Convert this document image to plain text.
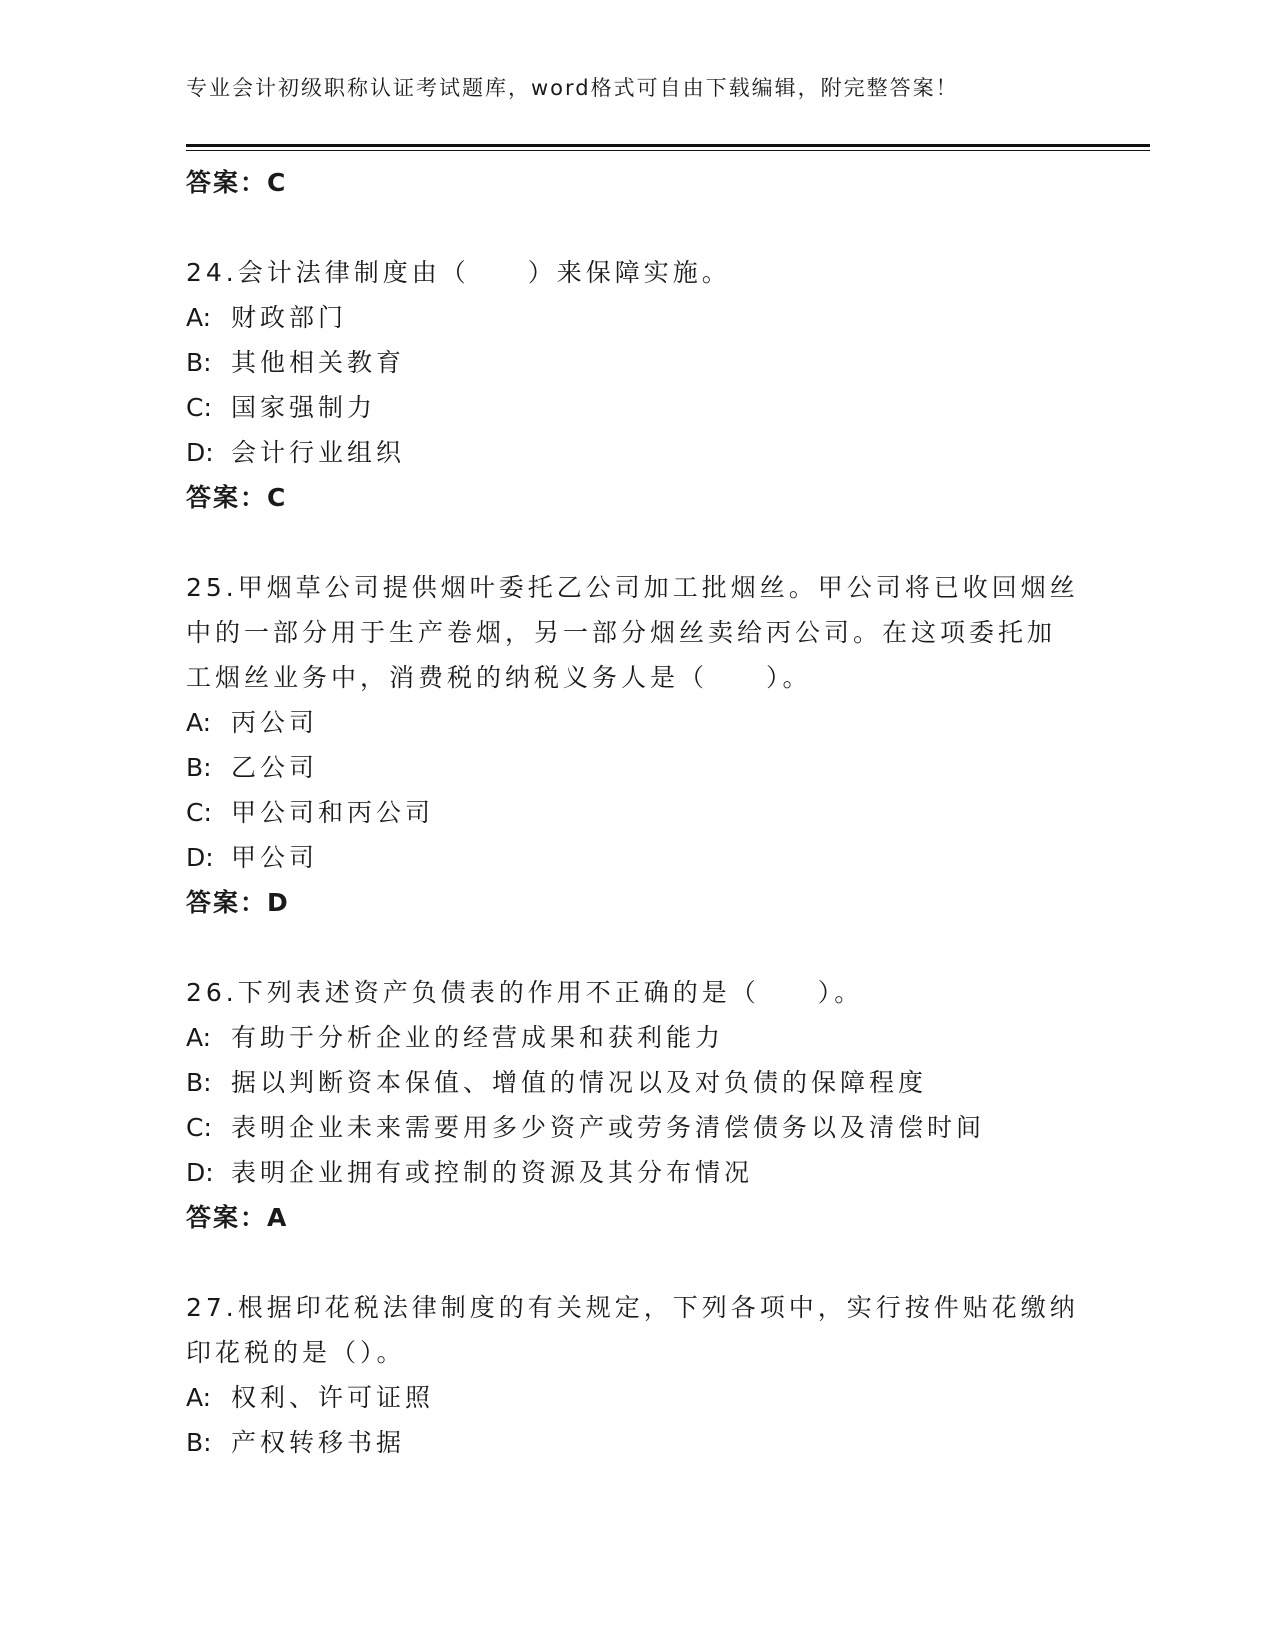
专业会计初级职称认证考试题库，word格式可自由下载编辑，附完整答案！
答案：C
24.会计法律制度由（　　）来保障实施。
A: 财政部门
B: 其他相关教育
C: 国家强制力
D: 会计行业组织
答案：C
25.甲烟草公司提供烟叶委托乙公司加工批烟丝。甲公司将已收回烟丝
中的一部分用于生产卷烟，另一部分烟丝卖给丙公司。在这项委托加
工烟丝业务中，消费税的纳税义务人是（　　）。
A: 丙公司
B: 乙公司
C: 甲公司和丙公司
D: 甲公司
答案：D
26.下列表述资产负债表的作用不正确的是（　　）。
A: 有助于分析企业的经营成果和获利能力
B: 据以判断资本保值、增值的情况以及对负债的保障程度
C: 表明企业未来需要用多少资产或劳务清偿债务以及清偿时间
D: 表明企业拥有或控制的资源及其分布情况
答案：A
27.根据印花税法律制度的有关规定，下列各项中，实行按件贴花缴纳
印花税的是（）。
A: 权利、许可证照
B: 产权转移书据
